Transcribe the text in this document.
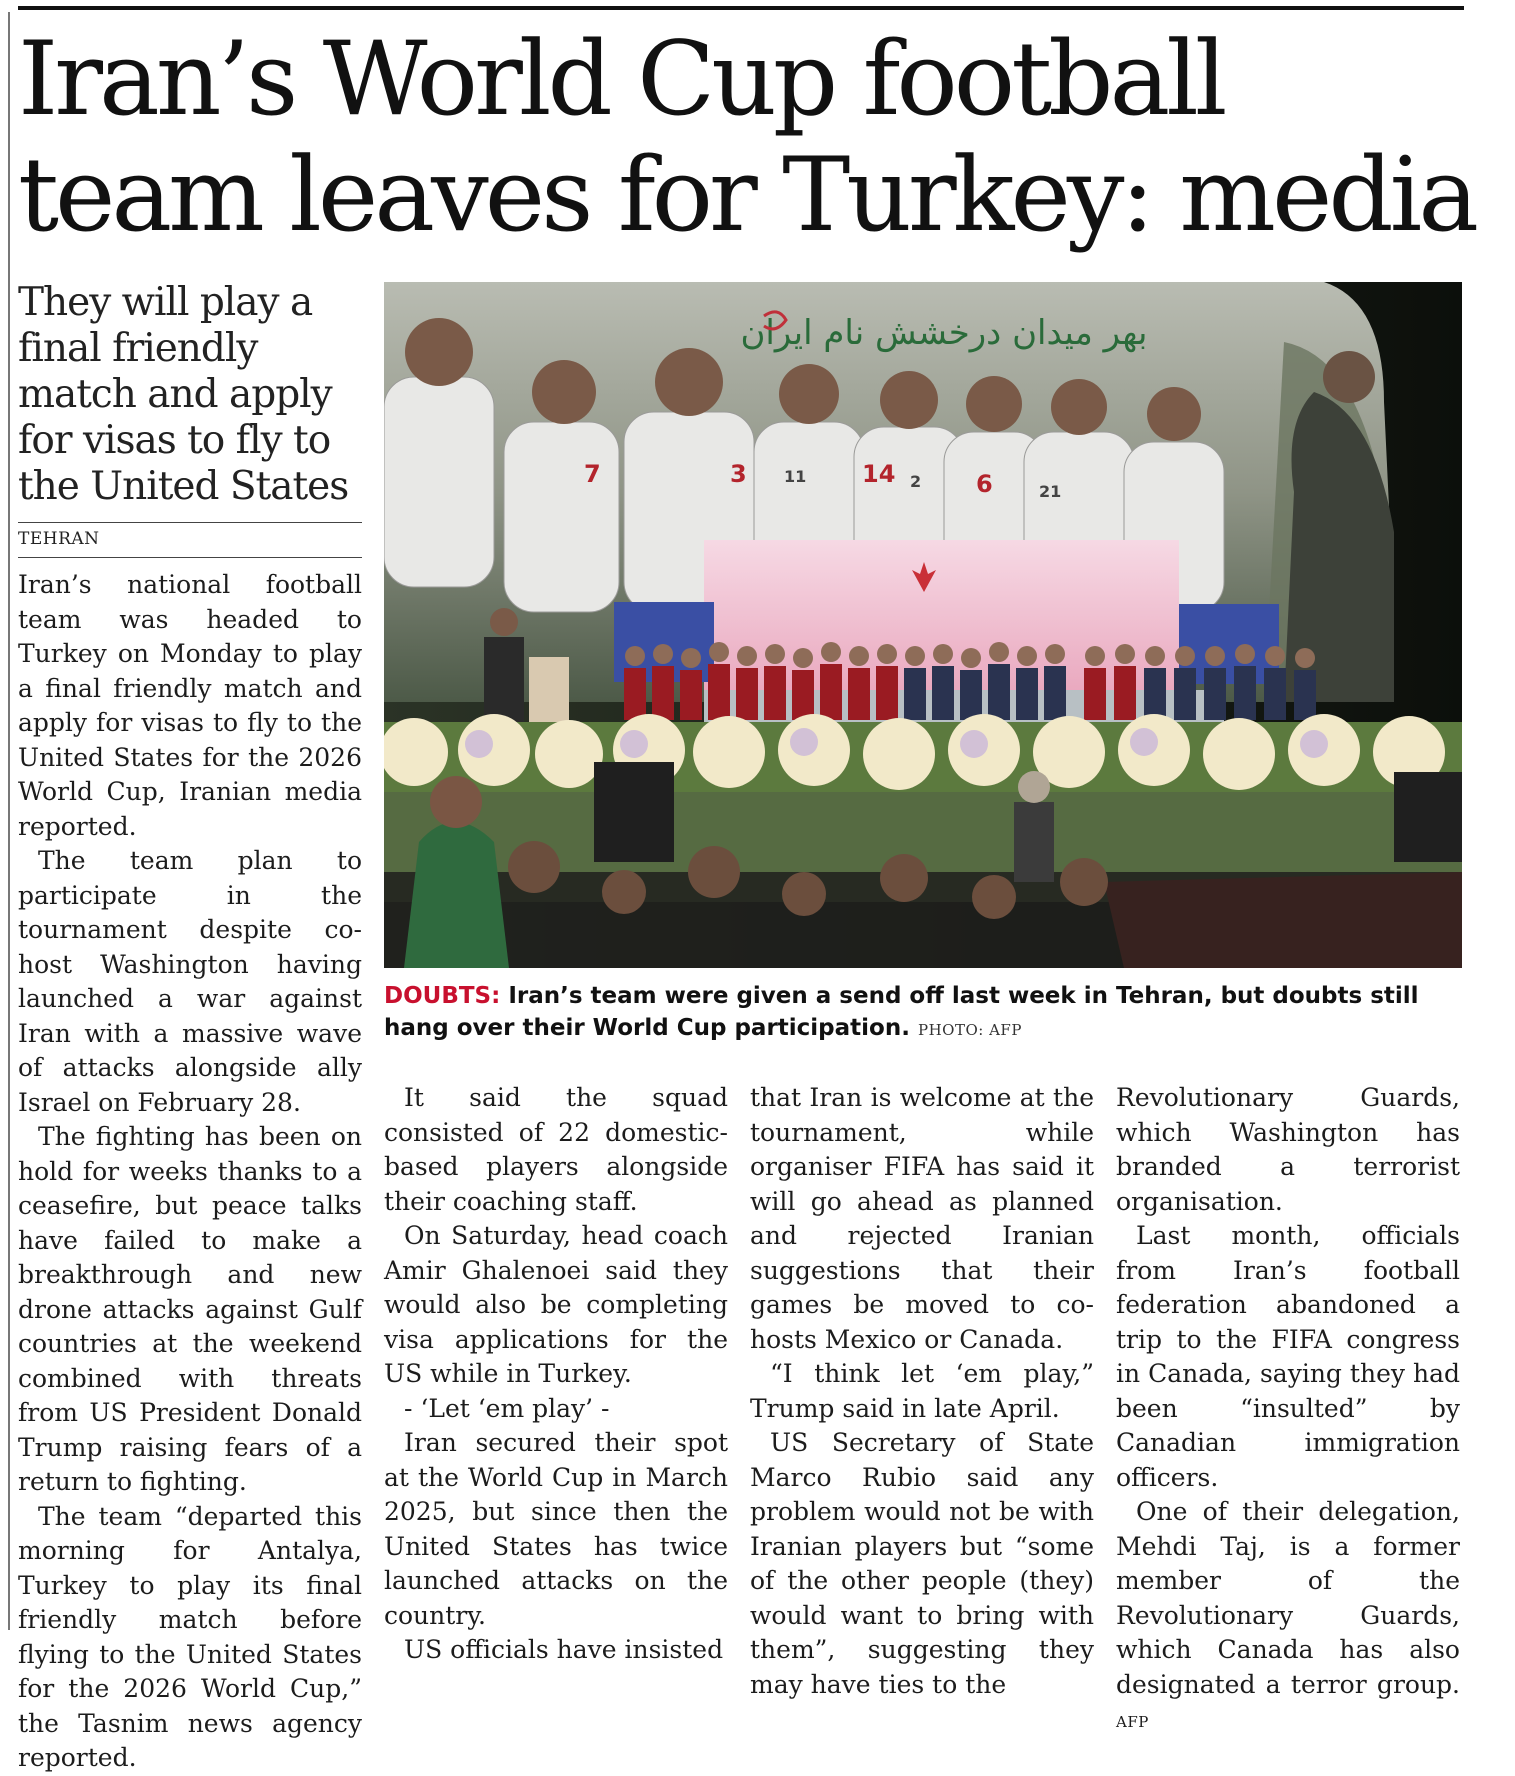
Iran’s World Cup football team leaves for Turkey: media

They will play a final friendly match and apply for visas to fly to the United States

TEHRAN

Iran’s national football team was headed to Turkey on Monday to play a final friendly match and apply for visas to fly to the United States for the 2026 World Cup, Iranian media reported.

The team plan to participate in the tournament despite co-host Washington having launched a war against Iran with a massive wave of attacks alongside ally Israel on February 28.

The fighting has been on hold for weeks thanks to a ceasefire, but peace talks have failed to make a breakthrough and new drone attacks against Gulf countries at the weekend combined with threats from US President Donald Trump raising fears of a return to fighting.

The team “departed this morning for Antalya, Turkey to play its final friendly match before flying to the United States for the 2026 World Cup,” the Tasnim news agency reported.

7	3 11 14 2 6	21
بهر میدان درخشش نام ایران

DOUBTS: Iran’s team were given a send off last week in Tehran, but doubts still hang over their World Cup participation. PHOTO: AFP

It said the squad consisted of 22 domestic-based players alongside their coaching staff.

On Saturday, head coach Amir Ghalenoei said they would also be completing visa applications for the US while in Turkey.

- ‘Let ‘em play’ -

Iran secured their spot at the World Cup in March 2025, but since then the United States has twice launched attacks on the country.

US officials have insisted

that Iran is welcome at the tournament, while organiser FIFA has said it will go ahead as planned and rejected Iranian suggestions that their games be moved to co-hosts Mexico or Canada.

“I think let ‘em play,” Trump said in late April.

US Secretary of State Marco Rubio said any problem would not be with Iranian players but “some of the other people (they) would want to bring with them”, suggesting they may have ties to the

Revolutionary Guards, which Washington has branded a terrorist organisation.

Last month, officials from Iran’s football federation abandoned a trip to the FIFA congress in Canada, saying they had been “insulted” by Canadian immigration officers.

One of their delegation, Mehdi Taj, is a former member of the Revolutionary Guards, which Canada has also designated a terror group. AFP
